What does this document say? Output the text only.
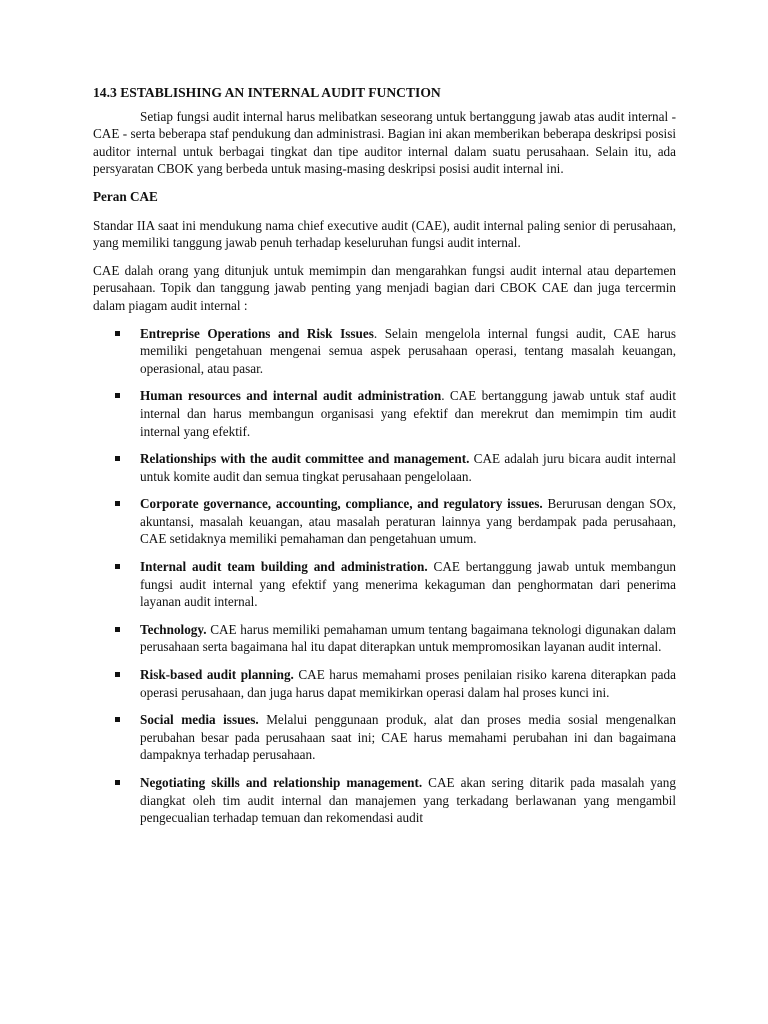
14.3 ESTABLISHING AN INTERNAL AUDIT FUNCTION

Setiap fungsi audit internal harus melibatkan seseorang untuk bertanggung jawab atas audit internal - CAE - serta beberapa staf pendukung dan administrasi. Bagian ini akan memberikan beberapa deskripsi posisi auditor internal untuk berbagai tingkat dan tipe auditor internal dalam suatu perusahaan. Selain itu, ada persyaratan CBOK yang berbeda untuk masing-masing deskripsi posisi audit internal ini.

Peran CAE

Standar IIA saat ini mendukung nama chief executive audit (CAE), audit internal paling senior di perusahaan, yang memiliki tanggung jawab penuh terhadap keseluruhan fungsi audit internal.

CAE dalah orang yang ditunjuk untuk memimpin dan mengarahkan fungsi audit internal atau departemen perusahaan. Topik dan tanggung jawab penting yang menjadi bagian dari CBOK CAE dan juga tercermin dalam piagam audit internal :

Entreprise Operations and Risk Issues. Selain mengelola internal fungsi audit, CAE harus memiliki pengetahuan mengenai semua aspek perusahaan operasi, tentang masalah keuangan, operasional, atau pasar.
Human resources and internal audit administration. CAE bertanggung jawab untuk staf audit internal dan harus membangun organisasi yang efektif dan merekrut dan memimpin tim audit internal yang efektif.
Relationships with the audit committee and management. CAE adalah juru bicara audit internal untuk komite audit dan semua tingkat perusahaan pengelolaan.
Corporate governance, accounting, compliance, and regulatory issues. Berurusan dengan SOx, akuntansi, masalah keuangan, atau masalah peraturan lainnya yang berdampak pada perusahaan, CAE setidaknya memiliki pemahaman dan pengetahuan umum.
Internal audit team building and administration. CAE bertanggung jawab untuk membangun fungsi audit internal yang efektif yang menerima kekaguman dan penghormatan dari penerima layanan audit internal.
Technology. CAE harus memiliki pemahaman umum tentang bagaimana teknologi digunakan dalam perusahaan serta bagaimana hal itu dapat diterapkan untuk mempromosikan layanan audit internal.
Risk-based audit planning. CAE harus memahami proses penilaian risiko karena diterapkan pada operasi perusahaan, dan juga harus dapat memikirkan operasi dalam hal proses kunci ini.
Social media issues. Melalui penggunaan produk, alat dan proses media sosial mengenalkan perubahan besar pada perusahaan saat ini; CAE harus memahami perubahan ini dan bagaimana dampaknya terhadap perusahaan.
Negotiating skills and relationship management. CAE akan sering ditarik pada masalah yang diangkat oleh tim audit internal dan manajemen yang terkadang berlawanan yang mengambil pengecualian terhadap temuan dan rekomendasi audit
